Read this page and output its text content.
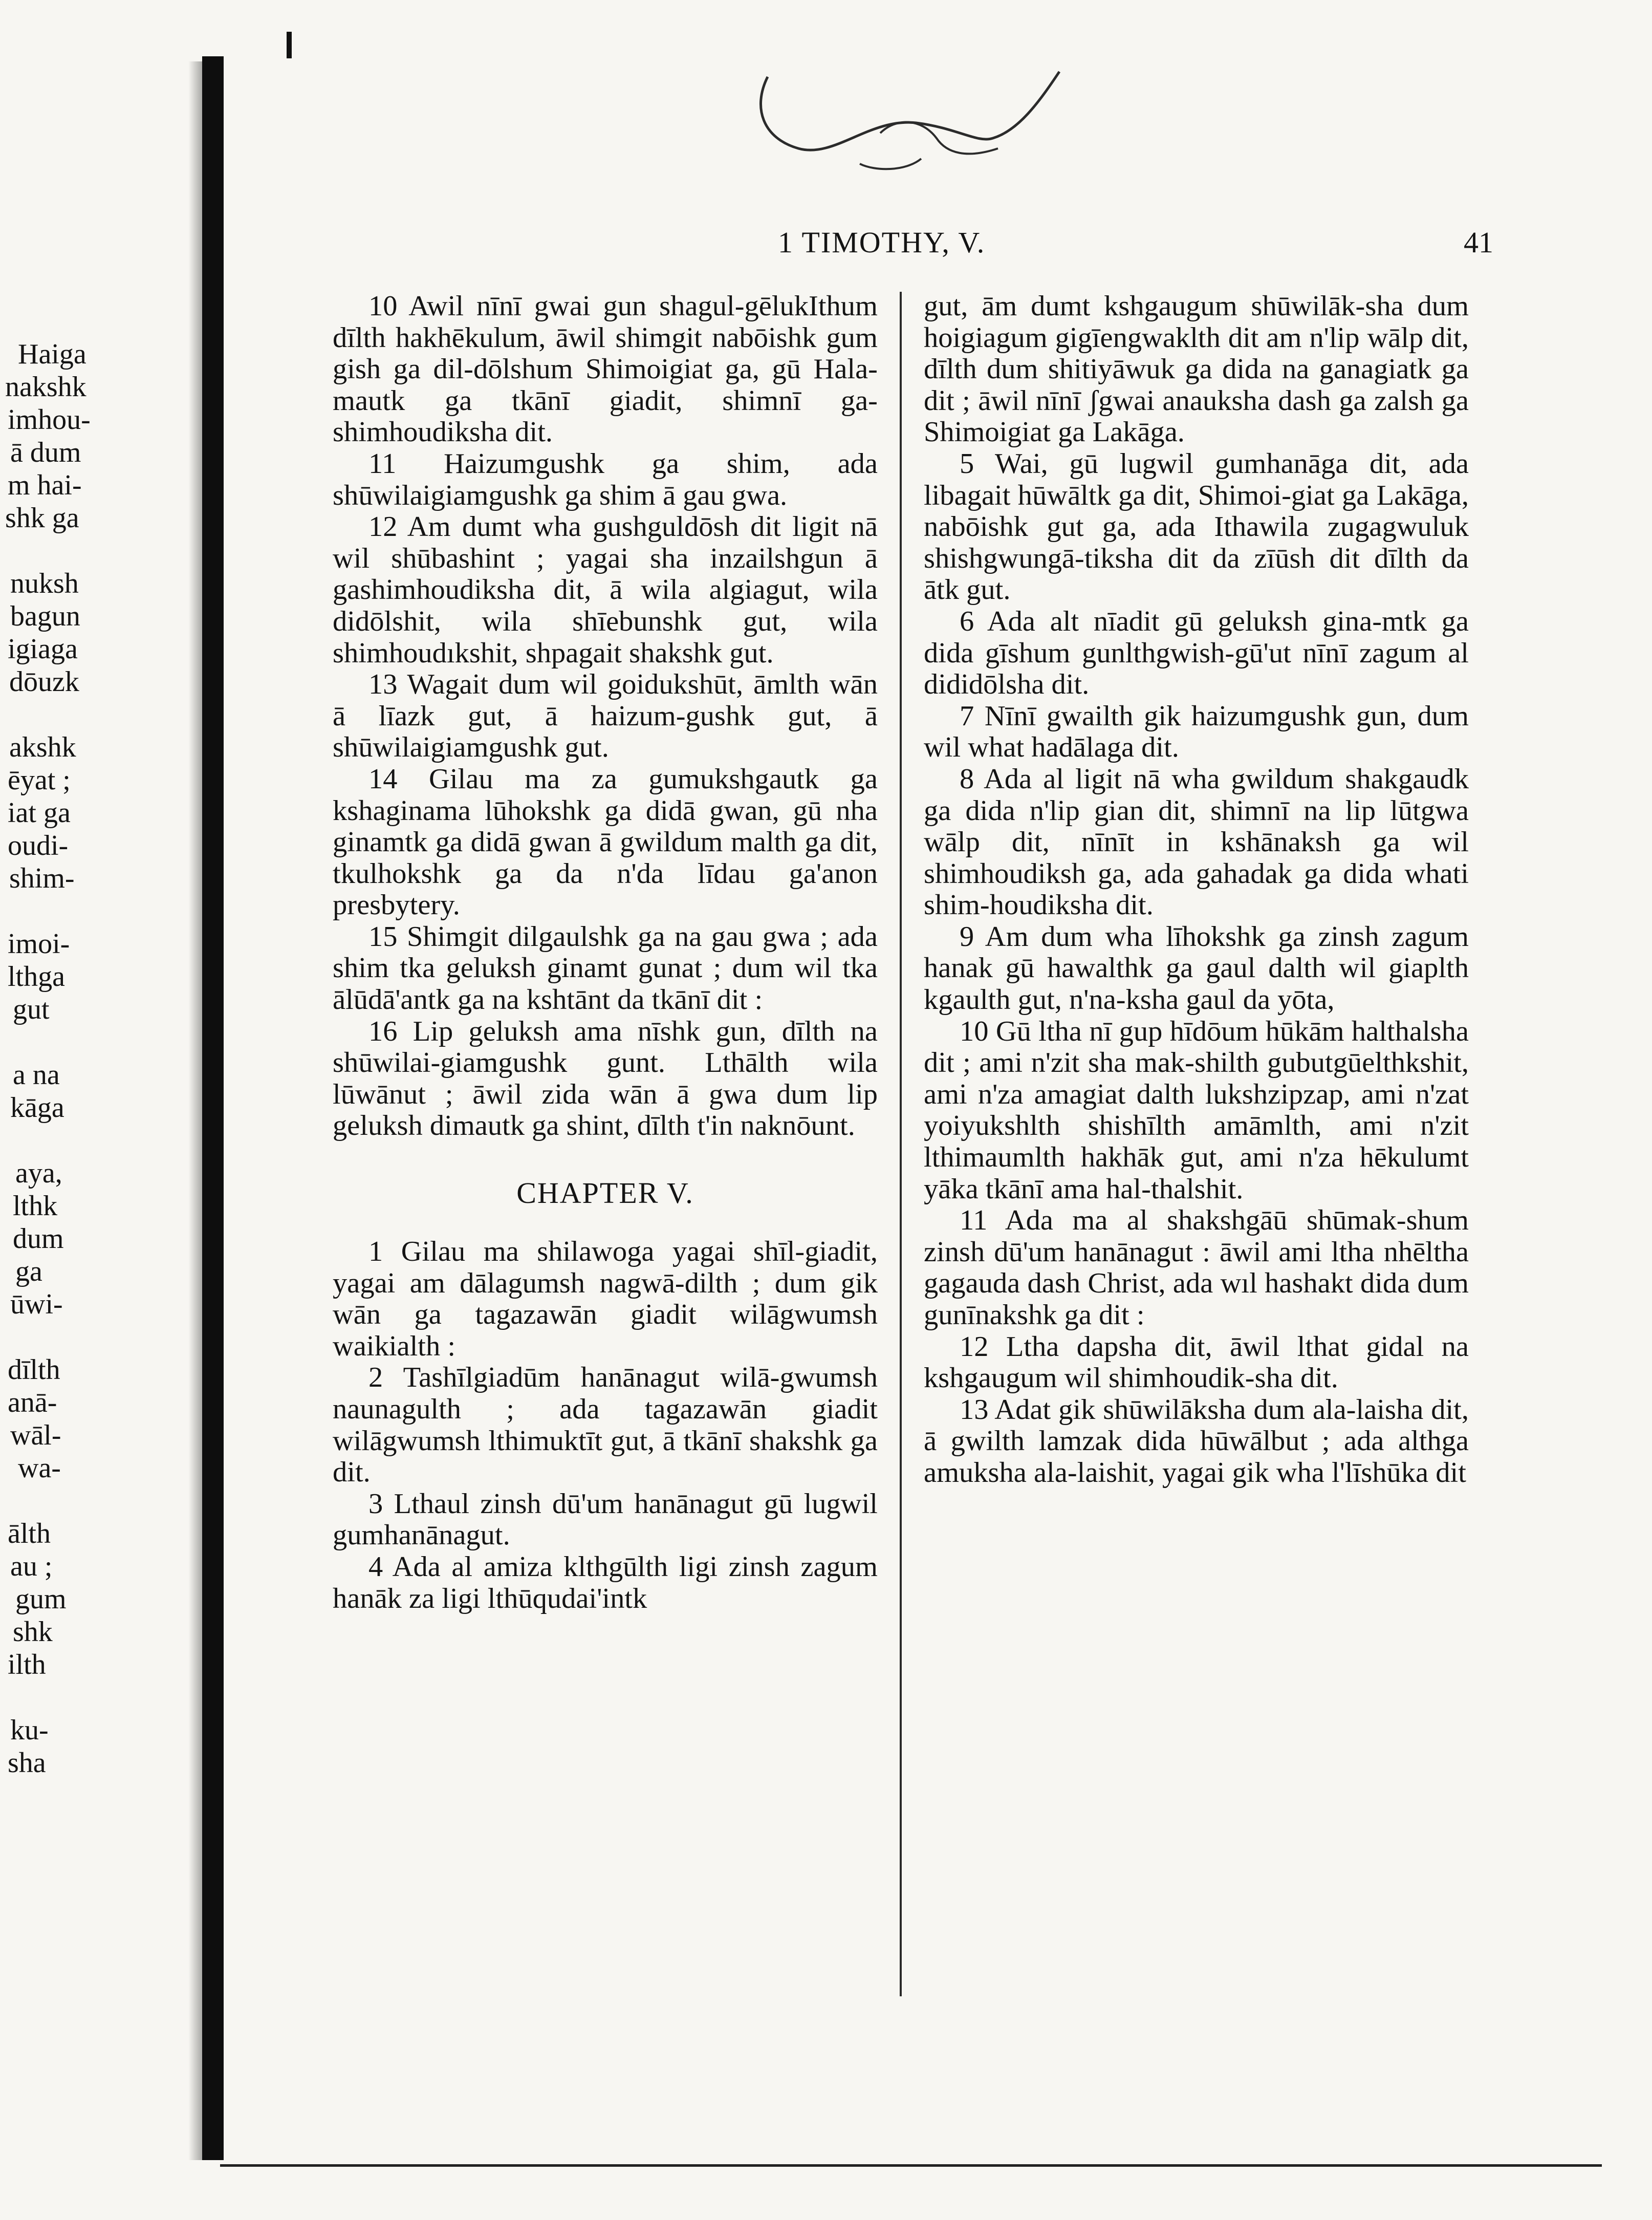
Haiga
nakshk
imhou-
ā dum
m hai-
shk ga
nuksh
bagun
igiaga
dōuzk
akshk
ēyat ;
iat ga
oudi-
shim-
imoi-
lthga
gut
a na
kāga
aya,
lthk
dum
ga
ūwi-
dīlth
anā-
wāl-
wa-
ālth
au ;
gum
shk
ilth
ku-
sha
1 TIMOTHY, V.	41

10 Awil nīnī gwai gun shagul-gēlukIthum dīlth hakhēkulum, āwil shimgit nabōishk gum gish ga dil-dōlshum Shimoigiat ga, gū Hala-mautk ga tkānī giadit, shimnī ga-shimhoudiksha dit.

11 Haizumgushk ga shim, ada shūwilaigiamgushk ga shim ā gau gwa.

12 Am dumt wha gushguldōsh dit ligit nā wil shūbashint ; yagai sha inzailshgun ā gashimhoudiksha dit, ā wila algiagut, wila didōlshit, wila shīebunshk gut, wila shimhoudıkshit, shpagait shakshk gut.

13 Wagait dum wil goidukshūt, āmlth wān ā līazk gut, ā haizum-gushk gut, ā shūwilaigiamgushk gut.

14 Gilau ma za gumukshgautk ga kshaginama lūhokshk ga didā gwan, gū nha ginamtk ga didā gwan ā gwildum malth ga dit, tkulhokshk ga da n'da līdau ga'anon presbytery.

15 Shimgit dilgaulshk ga na gau gwa ; ada shim tka geluksh ginamt gunat ; dum wil tka ālūdā'antk ga na kshtānt da tkānī dit :

16 Lip geluksh ama nīshk gun, dīlth na shūwilai-giamgushk gunt. Lthālth wila lūwānut ; āwil zida wān ā gwa dum lip geluksh dimautk ga shint, dīlth t'in naknōunt.

CHAPTER V.

1 Gilau ma shilawoga yagai shīl-giadit, yagai am dālagumsh nagwā-dilth ; dum gik wān ga tagazawān giadit wilāgwumsh waikialth :

2 Tashīlgiadūm hanānagut wilā-gwumsh naunagulth ; ada tagazawān giadit wilāgwumsh lthimuktīt gut, ā tkānī shakshk ga dit.

3 Lthaul zinsh dū'um hanānagut gū lugwil gumhanānagut.

4 Ada al amiza klthgūlth ligi zinsh zagum hanāk za ligi lthūqudai'intk

gut, ām dumt kshgaugum shūwilāk-sha dum hoigiagum gigīengwaklth dit am n'lip wālp dit, dīlth dum shitiyāwuk ga dida na ganagiatk ga dit ; āwil nīnī ʃgwai anauksha dash ga zalsh ga Shimoigiat ga Lakāga.

5 Wai, gū lugwil gumhanāga dit, ada libagait hūwāltk ga dit, Shimoi-giat ga Lakāga, nabōishk gut ga, ada Ithawila zugagwuluk shishgwungā-tiksha dit da zīūsh dit dīlth da ātk gut.

6 Ada alt nīadit gū geluksh gina-mtk ga dida gīshum gunlthgwish-gū'ut nīnī zagum al dididōlsha dit.

7 Nīnī gwailth gik haizumgushk gun, dum wil what hadālaga dit.

8 Ada al ligit nā wha gwildum shakgaudk ga dida n'lip gian dit, shimnī na lip lūtgwa wālp dit, nīnīt in kshānaksh ga wil shimhoudiksh ga, ada gahadak ga dida whati shim-houdiksha dit.

9 Am dum wha līhokshk ga zinsh zagum hanak gū hawalthk ga gaul dalth wil giaplth kgaulth gut, n'na-ksha gaul da yōta,

10 Gū ltha nī gup hīdōum hūkām halthalsha dit ; ami n'zit sha mak-shilth gubutgūelthkshit, ami n'za amagiat dalth lukshzipzap, ami n'zat yoiyukshlth shishīlth amāmlth, ami n'zit lthimaumlth hakhāk gut, ami n'za hēkulumt yāka tkānī ama hal-thalshit.

11 Ada ma al shakshgāū shūmak-shum zinsh dū'um hanānagut : āwil ami ltha nhēltha gagauda dash Christ, ada wıl hashakt dida dum gunīnakshk ga dit :

12 Ltha dapsha dit, āwil lthat gidal na kshgaugum wil shimhoudik-sha dit.

13 Adat gik shūwilāksha dum ala-laisha dit, ā gwilth lamzak dida hūwālbut ; ada althga amuksha ala-laishit, yagai gik wha l'līshūka dit
